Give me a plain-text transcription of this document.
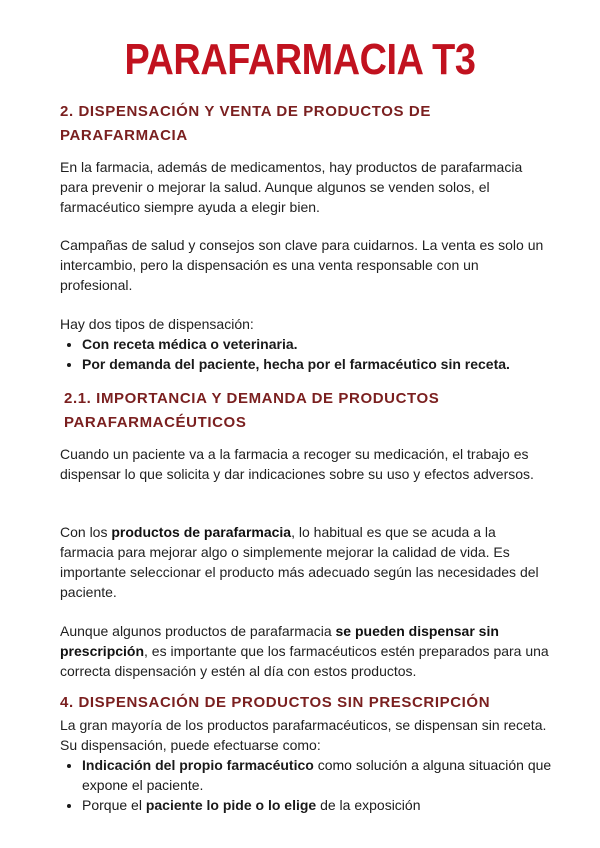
PARAFARMACIA T3
2. DISPENSACIÓN Y VENTA DE PRODUCTOS DE PARAFARMACIA

En la farmacia, además de medicamentos, hay productos de parafarmacia para prevenir o mejorar la salud. Aunque algunos se venden solos, el farmacéutico siempre ayuda a elegir bien.

Campañas de salud y consejos son clave para cuidarnos. La venta es solo un intercambio, pero la dispensación es una venta responsable con un profesional.

Hay dos tipos de dispensación:

• Con receta médica o veterinaria.
• Por demanda del paciente, hecha por el farmacéutico sin receta.
2.1. IMPORTANCIA Y DEMANDA DE PRODUCTOS PARAFARMACÉUTICOS

Cuando un paciente va a la farmacia a recoger su medicación, el trabajo es dispensar lo que solicita y dar indicaciones sobre su uso y efectos adversos.

Con los productos de parafarmacia, lo habitual es que se acuda a la farmacia para mejorar algo o simplemente mejorar la calidad de vida. Es importante seleccionar el producto más adecuado según las necesidades del paciente.

Aunque algunos productos de parafarmacia se pueden dispensar sin prescripción, es importante que los farmacéuticos estén preparados para una correcta dispensación y estén al día con estos productos.

4. DISPENSACIÓN DE PRODUCTOS SIN PRESCRIPCIÓN

La gran mayoría de los productos parafarmacéuticos, se dispensan sin receta. Su dispensación, puede efectuarse como:

• Indicación del propio farmacéutico como solución a alguna situación que expone el paciente.
• Porque el paciente lo pide o lo elige de la exposición
